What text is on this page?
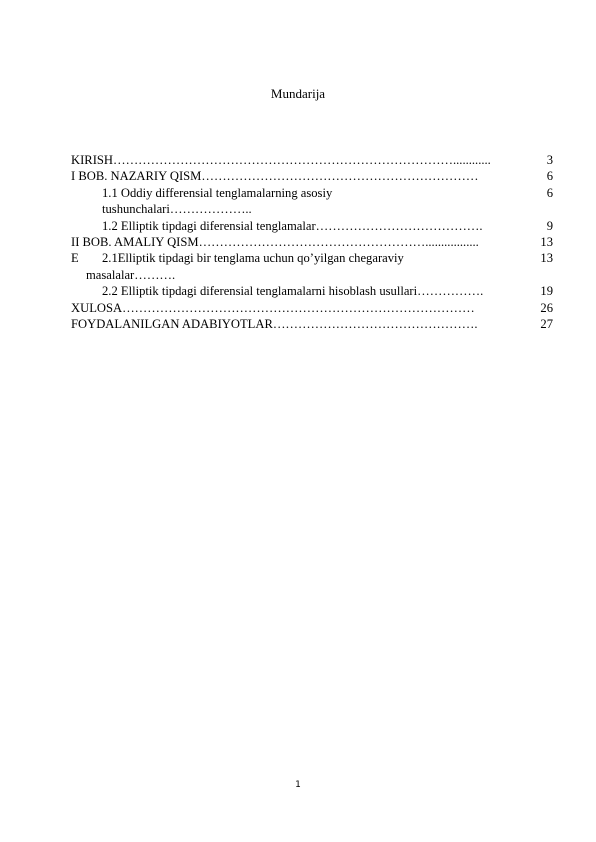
Mundarija
KIRISH………………………………………………………………………............	3
I BOB. NAZARIY QISM…………………………………………………………	6
1.1 Oddiy differensial tenglamalarning asosiy	6
tushunchalari………………..
1.2 Elliptik tipdagi diferensial tenglamalar………………………………….	9
II BOB. AMALIY QISM……………………………………………….................	13
E 2.1Elliptik tipdagi bir tenglama uchun qo’yilgan chegaraviy	13
masalalar……….
2.2 Elliptik tipdagi diferensial tenglamalarni hisoblash usullari…………….	19
XULOSA…………………………………………………………………………	26
FOYDALANILGAN ADABIYOTLAR………………………………………….	27
1
